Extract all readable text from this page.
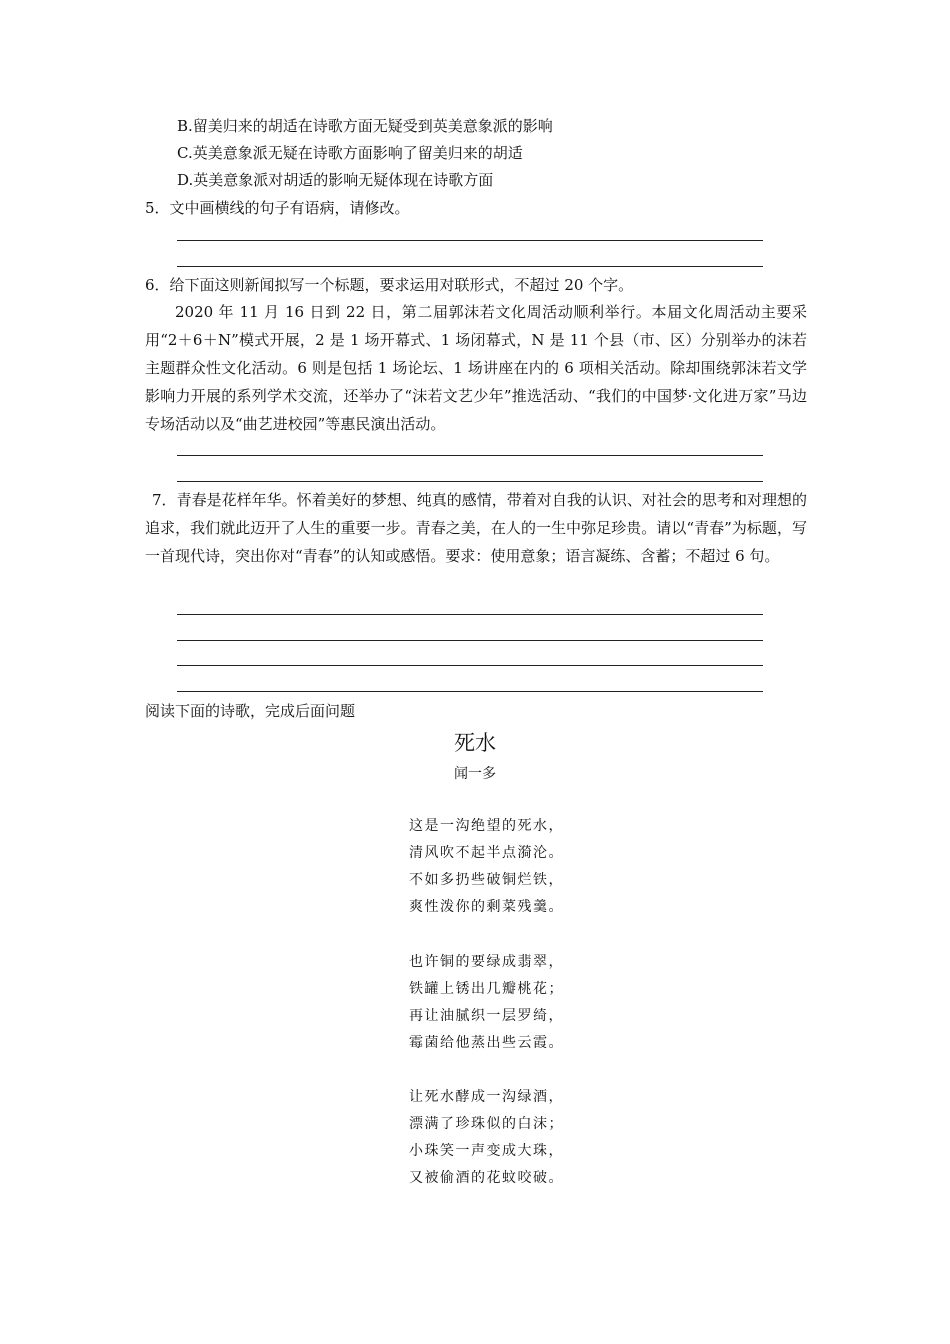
B.留美归来的胡适在诗歌方面无疑受到英美意象派的影响
C.英美意象派无疑在诗歌方面影响了留美归来的胡适
D.英美意象派对胡适的影响无疑体现在诗歌方面
5．文中画横线的句子有语病，请修改。
6．给下面这则新闻拟写一个标题，要求运用对联形式，不超过 20 个字。
2020 年 11 月 16 日到 22 日，第二届郭沫若文化周活动顺利举行。本届文化周活动主要采用“2＋6＋N”模式开展，2 是 1 场开幕式、1 场闭幕式，N 是 11 个县（市、区）分别举办的沫若主题群众性文化活动。6 则是包括 1 场论坛、1 场讲座在内的 6 项相关活动。除却围绕郭沫若文学影响力开展的系列学术交流，还举办了“沫若文艺少年”推选活动、“我们的中国梦·文化进万家”马边专场活动以及“曲艺进校园”等惠民演出活动。
7．青春是花样年华。怀着美好的梦想、纯真的感情，带着对自我的认识、对社会的思考和对理想的追求，我们就此迈开了人生的重要一步。青春之美，在人的一生中弥足珍贵。请以“青春”为标题，写一首现代诗，突出你对“青春”的认知或感悟。要求：使用意象；语言凝练、含蓄；不超过 6 句。
阅读下面的诗歌，完成后面问题
死水
闻一多
这是一沟绝望的死水，
清风吹不起半点漪沦。
不如多扔些破铜烂铁，
爽性泼你的剩菜残羹。
也许铜的要绿成翡翠，
铁罐上锈出几瓣桃花；
再让油腻织一层罗绮，
霉菌给他蒸出些云霞。
让死水酵成一沟绿酒，
漂满了珍珠似的白沫；
小珠笑一声变成大珠，
又被偷酒的花蚊咬破。
